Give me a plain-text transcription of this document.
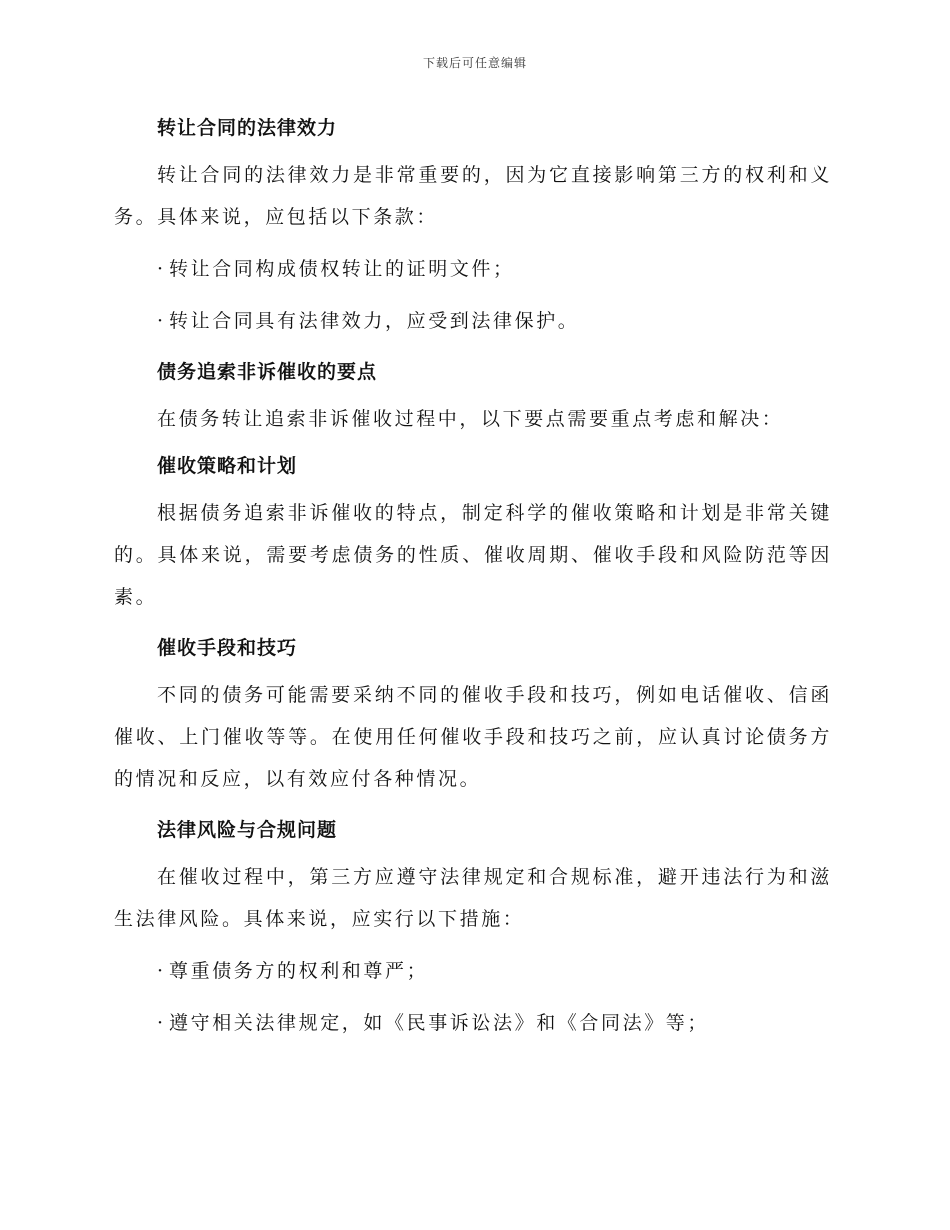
下载后可任意编辑
转让合同的法律效力

转让合同的法律效力是非常重要的，因为它直接影响第三方的权利和义务。具体来说，应包括以下条款：

· 转让合同构成债权转让的证明文件；
· 转让合同具有法律效力，应受到法律保护。
债务追索非诉催收的要点

在债务转让追索非诉催收过程中，以下要点需要重点考虑和解决：

催收策略和计划

根据债务追索非诉催收的特点，制定科学的催收策略和计划是非常关键的。具体来说，需要考虑债务的性质、催收周期、催收手段和风险防范等因素。

催收手段和技巧

不同的债务可能需要采纳不同的催收手段和技巧，例如电话催收、信函催收、上门催收等等。在使用任何催收手段和技巧之前，应认真讨论债务方的情况和反应，以有效应付各种情况。

法律风险与合规问题

在催收过程中，第三方应遵守法律规定和合规标准，避开违法行为和滋生法律风险。具体来说，应实行以下措施：

· 尊重债务方的权利和尊严；
· 遵守相关法律规定，如《民事诉讼法》和《合同法》等；
